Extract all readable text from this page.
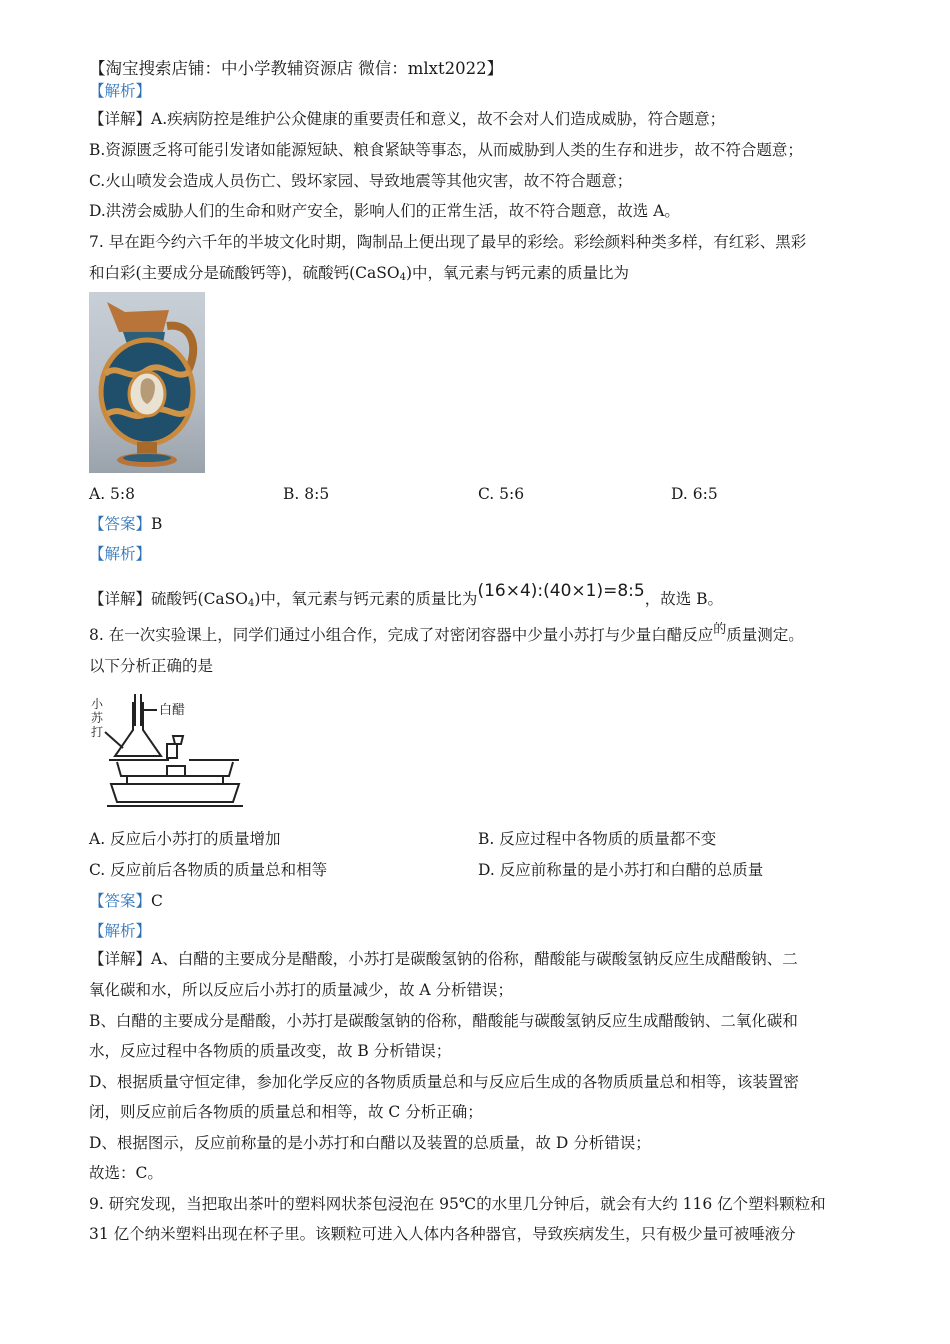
【淘宝搜索店铺：中小学教辅资源店 微信：mlxt2022】
【解析】
【详解】A.疾病防控是维护公众健康的重要责任和意义，故不会对人们造成威胁，符合题意；
B.资源匮乏将可能引发诸如能源短缺、粮食紧缺等事态，从而威胁到人类的生存和进步，故不符合题意；
C.火山喷发会造成人员伤亡、毁坏家园、导致地震等其他灾害，故不符合题意；
D.洪涝会威胁人们的生命和财产安全，影响人们的正常生活，故不符合题意，故选 A。
7. 早在距今约六千年的半坡文化时期，陶制品上便出现了最早的彩绘。彩绘颜料种类多样，有红彩、黑彩
和白彩(主要成分是硫酸钙等)，硫酸钙(CaSO$_4$)中，氧元素与钙元素的质量比为
A. 5:8	B. 8:5	C. 5:6	D. 6:5
【答案】B
【解析】
【详解】硫酸钙(CaSO$_4$)中，氧元素与钙元素的质量比为(16×4):(40×1)=8:5，故选 B。
8. 在一次实验课上，同学们通过小组合作，完成了对密闭容器中少量小苏打与少量白醋反应$^的$质量测定。
以下分析正确的是
白醋
小
苏
打
A. 反应后小苏打的质量增加	B. 反应过程中各物质的质量都不变
C. 反应前后各物质的质量总和相等	D. 反应前称量的是小苏打和白醋的总质量
【答案】C
【解析】
【详解】A、白醋的主要成分是醋酸，小苏打是碳酸氢钠的俗称，醋酸能与碳酸氢钠反应生成醋酸钠、二
氧化碳和水，所以反应后小苏打的质量减少，故 A 分析错误；
B、白醋的主要成分是醋酸，小苏打是碳酸氢钠的俗称，醋酸能与碳酸氢钠反应生成醋酸钠、二氧化碳和
水，反应过程中各物质的质量改变，故 B 分析错误；
D、根据质量守恒定律，参加化学反应的各物质质量总和与反应后生成的各物质质量总和相等，该装置密
闭，则反应前后各物质的质量总和相等，故 C 分析正确；
D、根据图示，反应前称量的是小苏打和白醋以及装置的总质量，故 D 分析错误；
故选：C。
9. 研究发现，当把取出茶叶的塑料网状茶包浸泡在 95℃的水里几分钟后，就会有大约 116 亿个塑料颗粒和
31 亿个纳米塑料出现在杯子里。该颗粒可进入人体内各种器官，导致疾病发生，只有极少量可被唾液分
